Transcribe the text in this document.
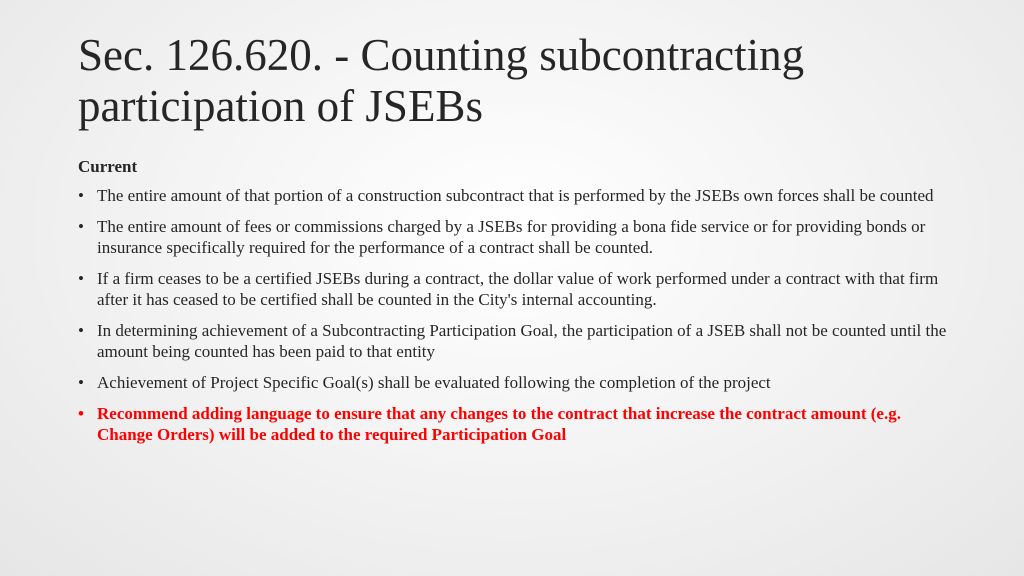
Sec. 126.620. - Counting subcontracting participation of JSEBs
Current
• The entire amount of that portion of a construction subcontract that is performed by the JSEBs own forces shall be counted
• The entire amount of fees or commissions charged by a JSEBs for providing a bona fide service or for providing bonds or insurance specifically required for the performance of a contract shall be counted.
• If a firm ceases to be a certified JSEBs during a contract, the dollar value of work performed under a contract with that firm after it has ceased to be certified shall be counted in the City's internal accounting.
• In determining achievement of a Subcontracting Participation Goal, the participation of a JSEB shall not be counted until the amount being counted has been paid to that entity
• Achievement of Project Specific Goal(s) shall be evaluated following the completion of the project
• Recommend adding language to ensure that any changes to the contract that increase the contract amount (e.g. Change Orders) will be added to the required Participation Goal
